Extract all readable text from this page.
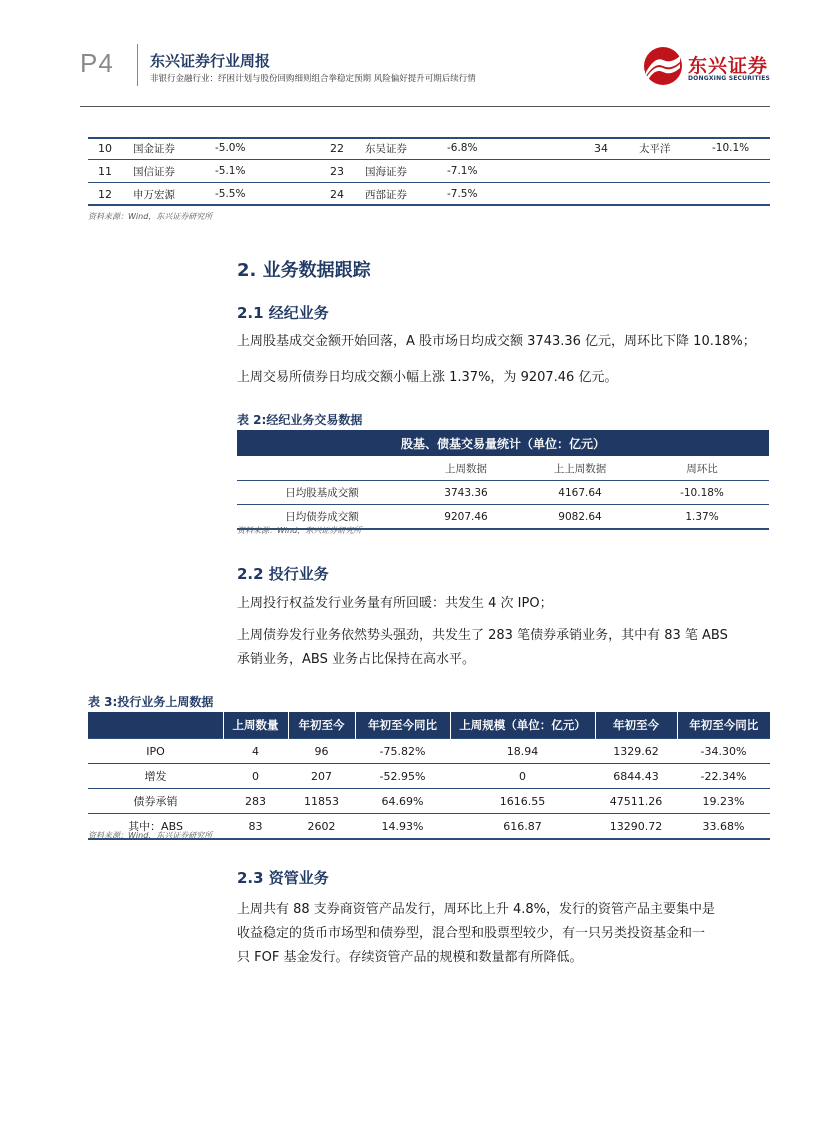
P4 东兴证券行业周报
非银行金融行业：纾困计划与股份回购细则组合拳稳定预期 风险偏好提升可期后续行情
东兴证券
DONGXING SECURITIES
10	国金证券	-5.0%	22	东吴证券	-6.8%	34	太平洋	-10.1%
11	国信证券	-5.1%	23	国海证券	-7.1%			
12	申万宏源	-5.5%	24	西部证券	-7.5%			
资料来源：Wind，东兴证券研究所
2. 业务数据跟踪
2.1 经纪业务
上周股基成交金额开始回落，A 股市场日均成交额 3743.36 亿元，周环比下降 10.18%；
上周交易所债券日均成交额小幅上涨 1.37%，为 9207.46 亿元。
表 2:经纪业务交易数据
股基、债基交易量统计（单位：亿元）			
	上周数据	上上周数据	周环比
日均股基成交额	3743.36	4167.64	-10.18%
日均债券成交额	9207.46	9082.64	1.37%
资料来源：Wind，东兴证券研究所
2.2 投行业务
上周投行权益发行业务量有所回暖：共发生 4 次 IPO；
上周债券发行业务依然势头强劲，共发生了 283 笔债券承销业务，其中有 83 笔 ABS
承销业务，ABS 业务占比保持在高水平。
表 3:投行业务上周数据
	上周数量	年初至今	年初至今同比	上周规模（单位：亿元）	年初至今	年初至今同比
IPO	4	96	-75.82%	18.94	1329.62	-34.30%
增发	0	207	-52.95%	0	6844.43	-22.34%
债券承销	283	11853	64.69%	1616.55	47511.26	19.23%
其中：ABS	83	2602	14.93%	616.87	13290.72	33.68%
资料来源：Wind，东兴证券研究所
2.3 资管业务
上周共有 88 支券商资管产品发行，周环比上升 4.8%，发行的资管产品主要集中是
收益稳定的货币市场型和债券型，混合型和股票型较少，有一只另类投资基金和一
只 FOF 基金发行。存续资管产品的规模和数量都有所降低。
